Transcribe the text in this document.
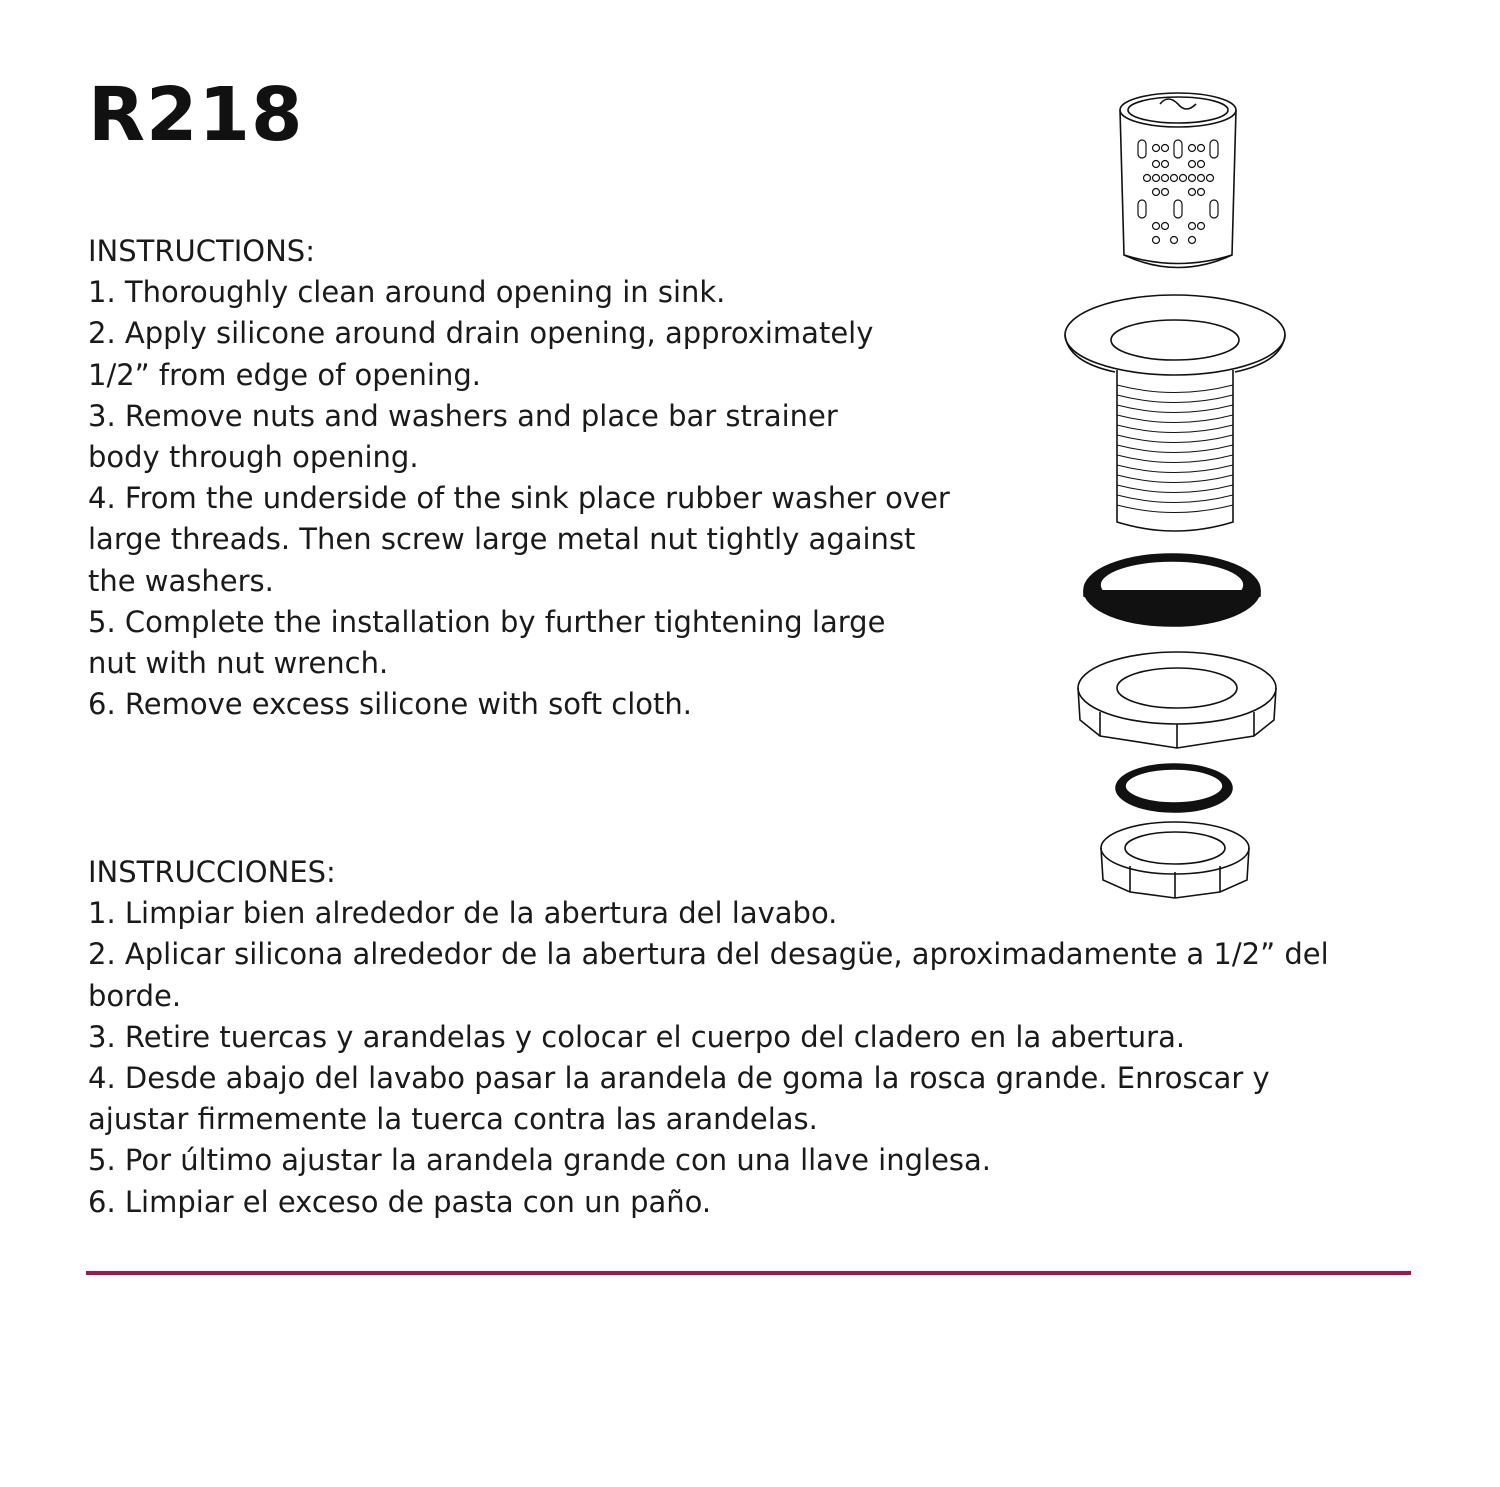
R218
INSTRUCTIONS:
1. Thoroughly clean around opening in sink.
2. Apply silicone around drain opening, approximately 1/2” from edge of opening.
3. Remove nuts and washers and place bar strainer body through opening.
4. From the underside of the sink place rubber washer over large threads. Then screw large metal nut tightly against the washers.
5. Complete the installation by further tightening large nut with nut wrench.
6. Remove excess silicone with soft cloth.
INSTRUCCIONES:
1. Limpiar bien alrededor de la abertura del lavabo.
2. Aplicar silicona alrededor de la abertura del desagüe, aproximadamente a 1/2” del borde.
3. Retire tuercas y arandelas y colocar el cuerpo del cladero en la abertura.
4. Desde abajo del lavabo pasar la arandela de goma la rosca grande. Enroscar y ajustar firmemente la tuerca contra las arandelas.
5. Por último ajustar la arandela grande con una llave inglesa.
6. Limpiar el exceso de pasta con un paño.
